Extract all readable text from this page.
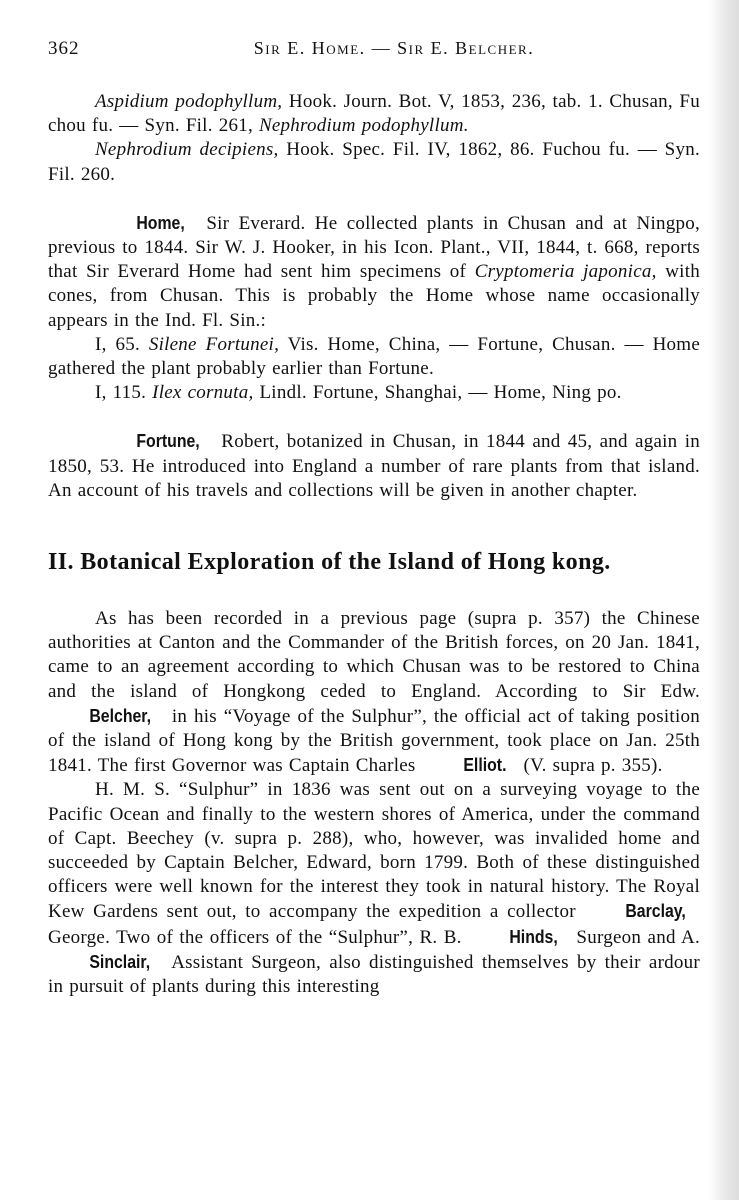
362	Sir E. Home. — Sir E. Belcher.

Aspidium podophyllum, Hook. Journ. Bot. V, 1853, 236, tab. 1. Chusan, Fu chou fu. — Syn. Fil. 261, Nephrodium podophyllum.

Nephrodium decipiens, Hook. Spec. Fil. IV, 1862, 86. Fuchou fu. — Syn. Fil. 260.

Home, Sir Everard. He collected plants in Chusan and at Ningpo, previous to 1844. Sir W. J. Hooker, in his Icon. Plant., VII, 1844, t. 668, reports that Sir Everard Home had sent him specimens of Cryptomeria japonica, with cones, from Chusan. This is probably the Home whose name occasionally appears in the Ind. Fl. Sin.:

I, 65. Silene Fortunei, Vis. Home, China, — Fortune, Chusan. — Home gathered the plant probably earlier than Fortune.

I, 115. Ilex cornuta, Lindl. Fortune, Shanghai, — Home, Ning po.

Fortune, Robert, botanized in Chusan, in 1844 and 45, and again in 1850, 53. He introduced into England a number of rare plants from that island. An account of his travels and collections will be given in another chapter.

II. Botanical Exploration of the Island of Hong kong.

As has been recorded in a previous page (supra p. 357) the Chinese authorities at Canton and the Commander of the British forces, on 20 Jan. 1841, came to an agreement according to which Chusan was to be restored to China and the island of Hongkong ceded to England. According to Sir Edw. Belcher, in his “Voyage of the Sulphur”, the official act of taking position of the island of Hong kong by the British government, took place on Jan. 25th 1841. The first Governor was Captain Charles Elliot. (V. supra p. 355).

H. M. S. “Sulphur” in 1836 was sent out on a surveying voyage to the Pacific Ocean and finally to the western shores of America, under the command of Capt. Beechey (v. supra p. 288), who, however, was invalided home and succeeded by Captain Belcher, Edward, born 1799. Both of these distinguished officers were well known for the interest they took in natural history. The Royal Kew Gardens sent out, to accompany the expedition a collector Barclay, George. Two of the officers of the “Sulphur”, R. B. Hinds, Surgeon and A. Sinclair, Assistant Surgeon, also distinguished themselves by their ardour in pursuit of plants during this interesting
